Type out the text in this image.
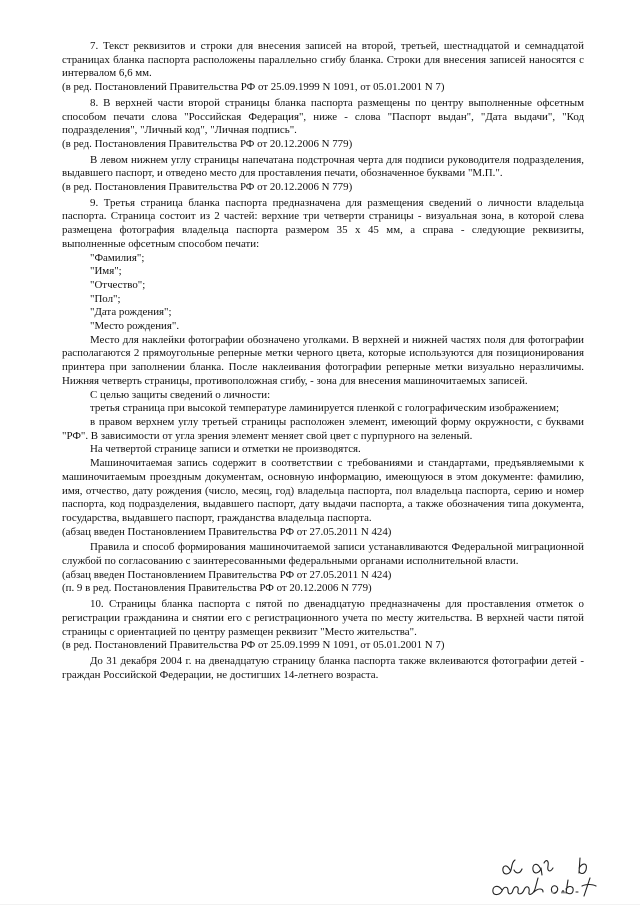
7. Текст реквизитов и строки для внесения записей на второй, третьей, шестнадцатой и семнадцатой страницах бланка паспорта расположены параллельно сгибу бланка. Строки для внесения записей наносятся с интервалом 6,6 мм.

(в ред. Постановлений Правительства РФ от 25.09.1999 N 1091, от 05.01.2001 N 7)

8. В верхней части второй страницы бланка паспорта размещены по центру выполненные офсетным способом печати слова "Российская Федерация", ниже - слова "Паспорт выдан", "Дата выдачи", "Код подразделения", "Личный код", "Личная подпись".

(в ред. Постановления Правительства РФ от 20.12.2006 N 779)

В левом нижнем углу страницы напечатана подстрочная черта для подписи руководителя подразделения, выдавшего паспорт, и отведено место для проставления печати, обозначенное буквами "М.П.".

(в ред. Постановления Правительства РФ от 20.12.2006 N 779)

9. Третья страница бланка паспорта предназначена для размещения сведений о личности владельца паспорта. Страница состоит из 2 частей: верхние три четверти страницы - визуальная зона, в которой слева размещена фотография владельца паспорта размером 35 х 45 мм, а справа - следующие реквизиты, выполненные офсетным способом печати:

"Фамилия";

"Имя";

"Отчество";

"Пол";

"Дата рождения";

"Место рождения".

Место для наклейки фотографии обозначено уголками. В верхней и нижней частях поля для фотографии располагаются 2 прямоугольные реперные метки черного цвета, которые используются для позиционирования принтера при заполнении бланка. После наклеивания фотографии реперные метки визуально неразличимы. Нижняя четверть страницы, противоположная сгибу, - зона для внесения машиночитаемых записей.

С целью защиты сведений о личности:

третья страница при высокой температуре ламинируется пленкой с голографическим изображением;

в правом верхнем углу третьей страницы расположен элемент, имеющий форму окружности, с буквами "РФ". В зависимости от угла зрения элемент меняет свой цвет с пурпурного на зеленый.

На четвертой странице записи и отметки не производятся.

Машиночитаемая запись содержит в соответствии с требованиями и стандартами, предъявляемыми к машиночитаемым проездным документам, основную информацию, имеющуюся в этом документе: фамилию, имя, отчество, дату рождения (число, месяц, год) владельца паспорта, пол владельца паспорта, серию и номер паспорта, код подразделения, выдавшего паспорт, дату выдачи паспорта, а также обозначения типа документа, государства, выдавшего паспорт, гражданства владельца паспорта.

(абзац введен Постановлением Правительства РФ от 27.05.2011 N 424)

Правила и способ формирования машиночитаемой записи устанавливаются Федеральной миграционной службой по согласованию с заинтересованными федеральными органами исполнительной власти.

(абзац введен Постановлением Правительства РФ от 27.05.2011 N 424)

(п. 9 в ред. Постановления Правительства РФ от 20.12.2006 N 779)

10. Страницы бланка паспорта с пятой по двенадцатую предназначены для проставления отметок о регистрации гражданина и снятии его с регистрационного учета по месту жительства. В верхней части пятой страницы с ориентацией по центру размещен реквизит "Место жительства".

(в ред. Постановлений Правительства РФ от 25.09.1999 N 1091, от 05.01.2001 N 7)

До 31 декабря 2004 г. на двенадцатую страницу бланка паспорта также вклеиваются фотографии детей - граждан Российской Федерации, не достигших 14-летнего возраста.
